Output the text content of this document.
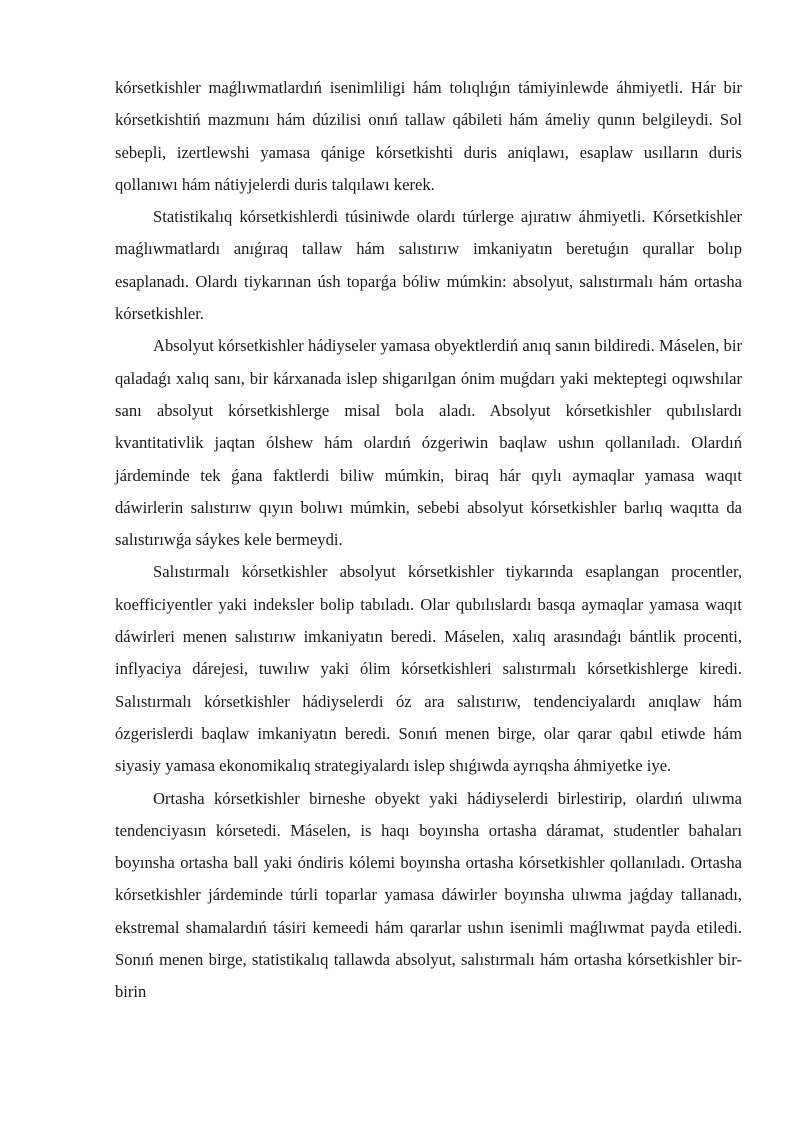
kórsetkishler maǵlıwmatlardıń isenimliligi hám tolıqlıǵın támiyinlewde áhmiyetli. Hár bir kórsetkishtiń mazmunı hám dúzilisi onıń tallaw qábileti hám ámeliy qunın belgileydi. Sol sebepli, izertlewshi yamasa qánige kórsetkishti duris aniqlawı, esaplaw usılların duris qollanıwı hám nátiyjelerdi duris talqılawı kerek.

Statistikalıq kórsetkishlerdi túsiniwde olardı túrlerge ajıratıw áhmiyetli. Kórsetkishler maǵlıwmatlardı anıǵıraq tallaw hám salıstırıw imkaniyatın beretuǵın qurallar bolıp esaplanadı. Olardı tiykarınan úsh toparǵa bóliw múmkin: absolyut, salıstırmalı hám ortasha kórsetkishler.

Absolyut kórsetkishler hádiyseler yamasa obyektlerdiń anıq sanın bildiredi. Máselen, bir qaladaǵı xalıq sanı, bir kárxanada islep shigarılgan ónim muǵdarı yaki mekteptegi oqıwshılar sanı absolyut kórsetkishlerge misal bola aladı. Absolyut kórsetkishler qubılıslardı kvantitativlik jaqtan ólshew hám olardıń ózgeriwin baqlaw ushın qollanıladı. Olardıń járdeminde tek ǵana faktlerdi biliw múmkin, biraq hár qıylı aymaqlar yamasa waqıt dáwirlerin salıstırıw qıyın bolıwı múmkin, sebebi absolyut kórsetkishler barlıq waqıtta da salıstırıwǵa sáykes kele bermeydi.

Salıstırmalı kórsetkishler absolyut kórsetkishler tiykarında esaplangan procentler, koefficiyentler yaki indeksler bolip tabıladı. Olar qubılıslardı basqa aymaqlar yamasa waqıt dáwirleri menen salıstırıw imkaniyatın beredi. Máselen, xalıq arasındaǵı bántlik procenti, inflyaciya dárejesi, tuwılıw yaki ólim kórsetkishleri salıstırmalı kórsetkishlerge kiredi. Salıstırmalı kórsetkishler hádiyselerdi óz ara salıstırıw, tendenciyalardı anıqlaw hám ózgerislerdi baqlaw imkaniyatın beredi. Sonıń menen birge, olar qarar qabıl etiwde hám siyasiy yamasa ekonomikalıq strategiyalardı islep shıǵıwda ayrıqsha áhmiyetke iye.

Ortasha kórsetkishler birneshe obyekt yaki hádiyselerdi birlestirip, olardıń ulıwma tendenciyasın kórsetedi. Máselen, is haqı boyınsha ortasha dáramat, studentler bahaları boyınsha ortasha ball yaki óndiris kólemi boyınsha ortasha kórsetkishler qollanıladı. Ortasha kórsetkishler járdeminde túrli toparlar yamasa dáwirler boyınsha ulıwma jaǵday tallanadı, ekstremal shamalardıń tásiri kemeedi hám qararlar ushın isenimli maǵlıwmat payda etiledi. Sonıń menen birge, statistikalıq tallawda absolyut, salıstırmalı hám ortasha kórsetkishler bir-birin
